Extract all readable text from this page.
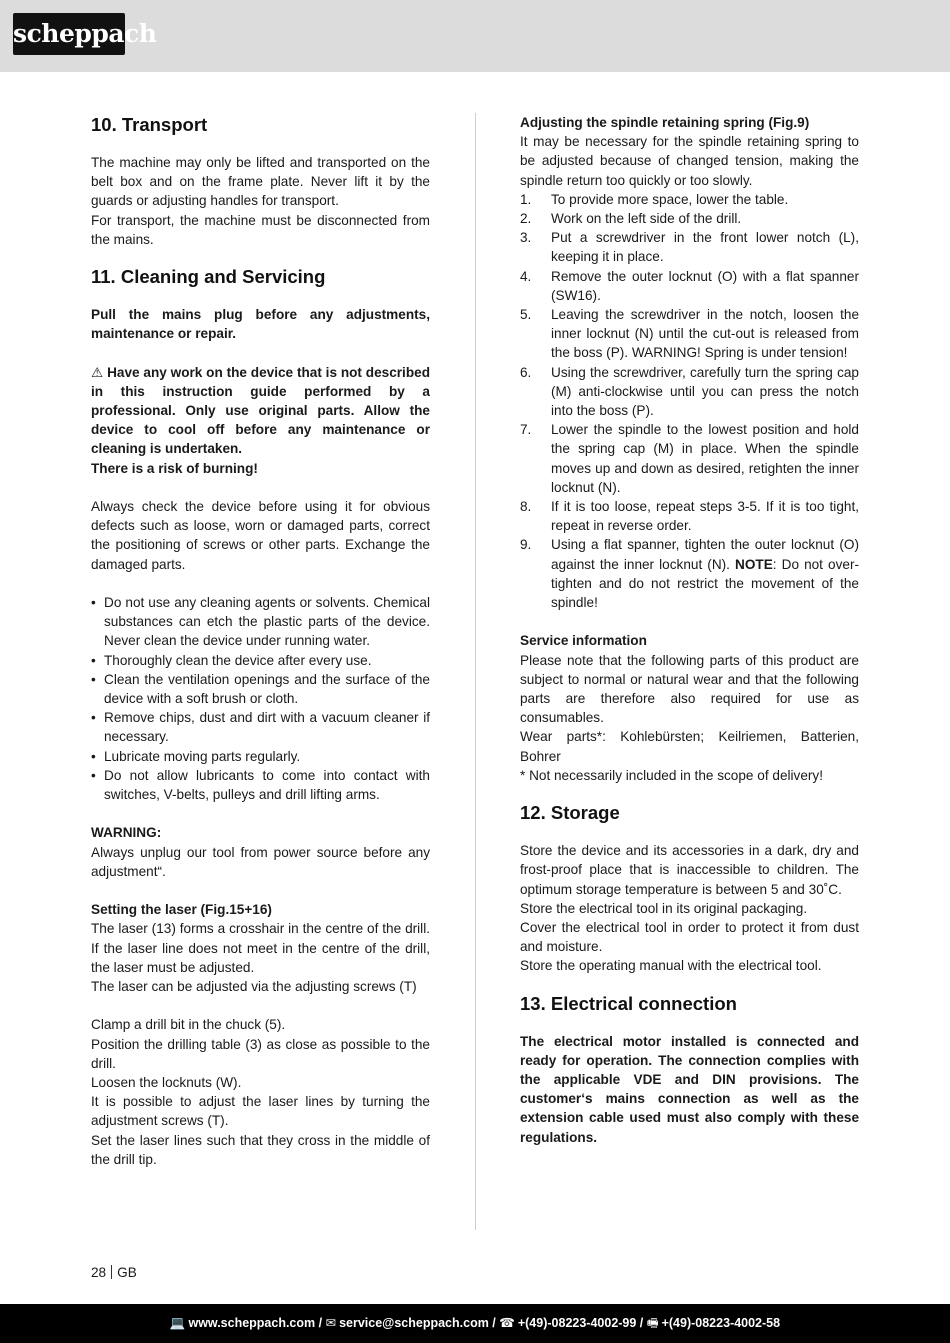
scheppach
10. Transport

The machine may only be lifted and transported on the belt box and on the frame plate. Never lift it by the guards or adjusting handles for transport.

For transport, the machine must be disconnected from the mains.

11. Cleaning and Servicing

Pull the mains plug before any adjustments, maintenance or repair.

⚠ Have any work on the device that is not described in this instruction guide performed by a professional. Only use original parts. Allow the device to cool off before any maintenance or cleaning is undertaken.

There is a risk of burning!

Always check the device before using it for obvious defects such as loose, worn or damaged parts, correct the positioning of screws or other parts. Exchange the damaged parts.

• Do not use any cleaning agents or solvents. Chemical substances can etch the plastic parts of the device. Never clean the device under running water.
• Thoroughly clean the device after every use.
• Clean the ventilation openings and the surface of the device with a soft brush or cloth.
• Remove chips, dust and dirt with a vacuum cleaner if necessary.
• Lubricate moving parts regularly.
• Do not allow lubricants to come into contact with switches, V-belts, pulleys and drill lifting arms.

WARNING:

Always unplug our tool from power source before any adjustment“.

Setting the laser (Fig.15+16)

The laser (13) forms a crosshair in the centre of the drill. If the laser line does not meet in the centre of the drill, the laser must be adjusted.

The laser can be adjusted via the adjusting screws (T)

Clamp a drill bit in the chuck (5).

Position the drilling table (3) as close as possible to the drill.

Loosen the locknuts (W).

It is possible to adjust the laser lines by turning the adjustment screws (T).

Set the laser lines such that they cross in the middle of the drill tip.

Adjusting the spindle retaining spring (Fig.9)

It may be necessary for the spindle retaining spring to be adjusted because of changed tension, making the spindle return too quickly or too slowly.

1.	To provide more space, lower the table.
2.	Work on the left side of the drill.
3.	Put a screwdriver in the front lower notch (L), keeping it in place.
4.	Remove the outer locknut (O) with a flat spanner (SW16).
5.	Leaving the screwdriver in the notch, loosen the inner locknut (N) until the cut-out is released from the boss (P). WARNING! Spring is under tension!
6.	Using the screwdriver, carefully turn the spring cap (M) anti-clockwise until you can press the notch into the boss (P).
7.	Lower the spindle to the lowest position and hold the spring cap (M) in place. When the spindle moves up and down as desired, retighten the inner locknut (N).
8.	If it is too loose, repeat steps 3-5. If it is too tight, repeat in reverse order.
9.	Using a flat spanner, tighten the outer locknut (O) against the inner locknut (N). NOTE: Do not over-tighten and do not restrict the movement of the spindle!

Service information

Please note that the following parts of this product are subject to normal or natural wear and that the following parts are therefore also required for use as consumables.

Wear parts*: Kohlebürsten; Keilriemen, Batterien, Bohrer

* Not necessarily included in the scope of delivery!

12. Storage

Store the device and its accessories in a dark, dry and frost-proof place that is inaccessible to children. The optimum storage temperature is between 5 and 30˚C.

Store the electrical tool in its original packaging.

Cover the electrical tool in order to protect it from dust and moisture.

Store the operating manual with the electrical tool.

13. Electrical connection

The electrical motor installed is connected and ready for operation. The connection complies with the applicable VDE and DIN provisions. The customer‘s mains connection as well as the extension cable used must also comply with these regulations.

28 GB
💻 www.scheppach.com / ✉ service@scheppach.com / ☎ +(49)-08223-4002-99 / 🖷 +(49)-08223-4002-58
